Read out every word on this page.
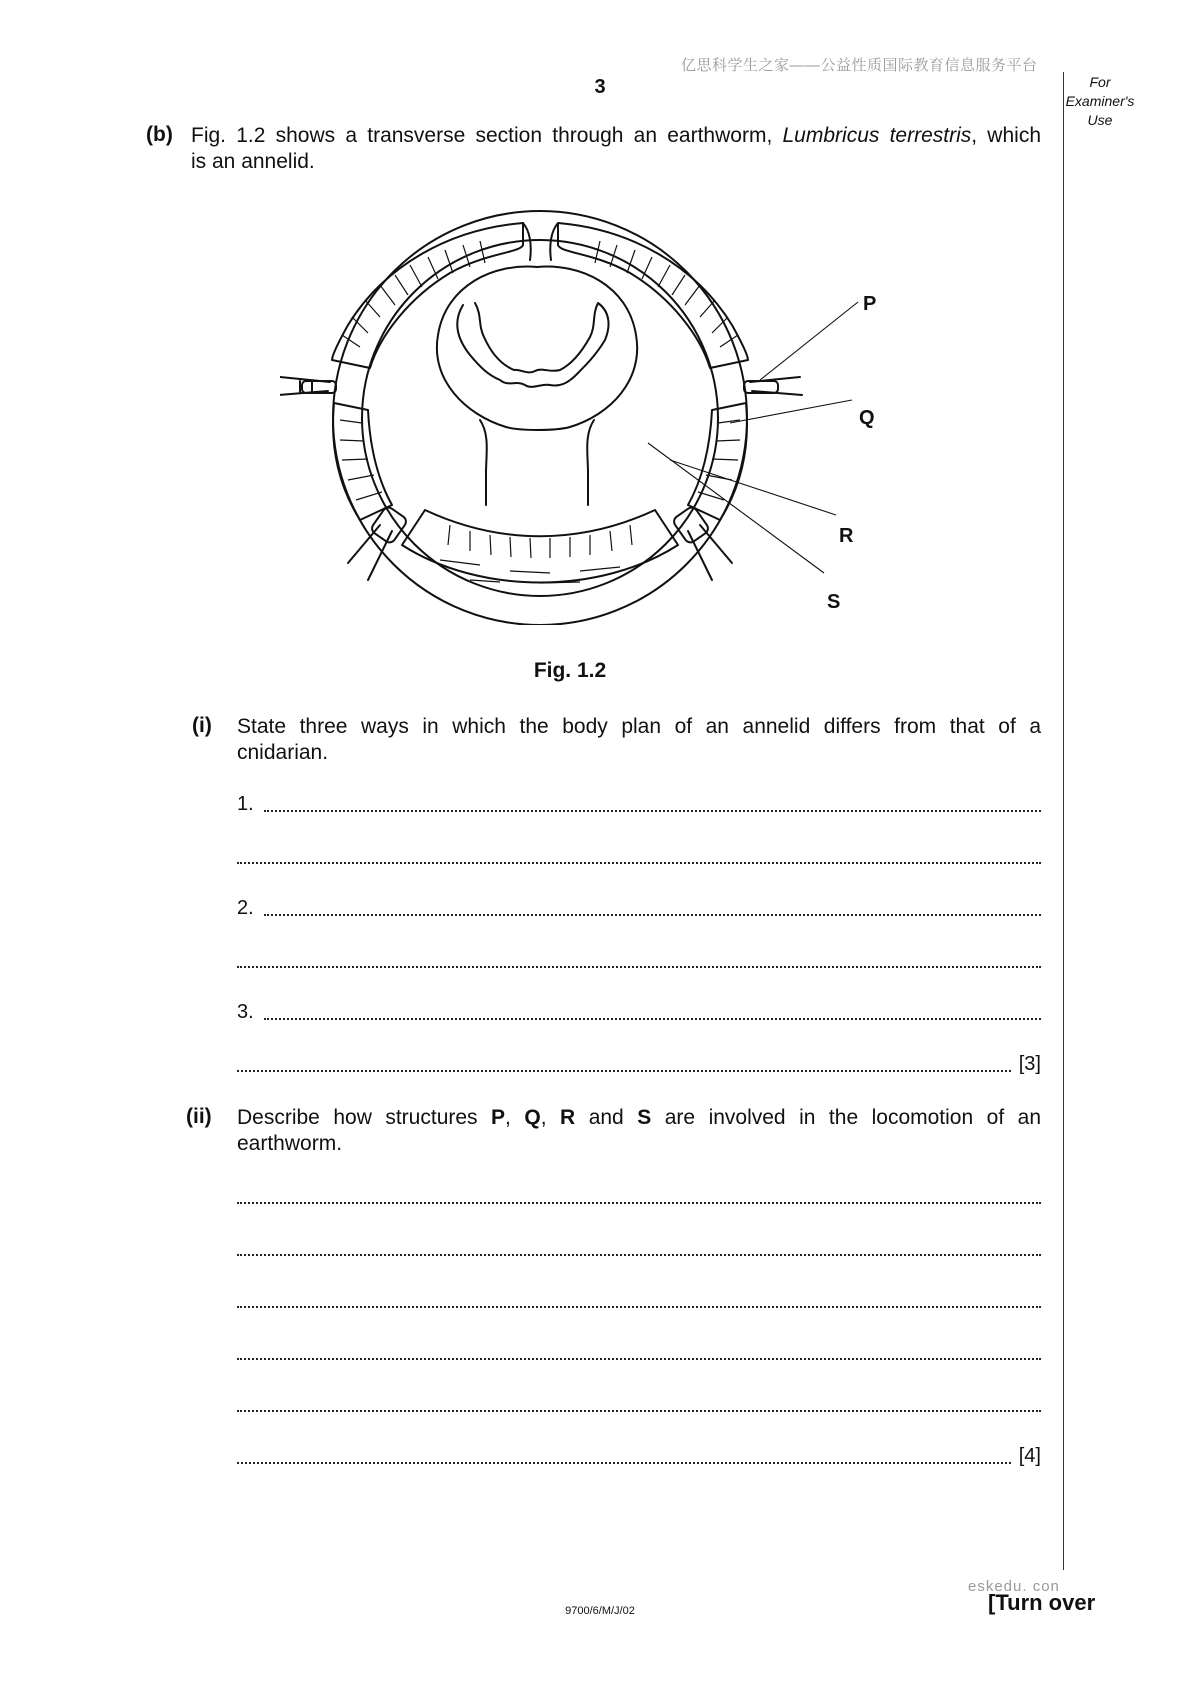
亿思科学生之家——公益性质国际教育信息服务平台
3	For
Examiner's
Use
(b) Fig. 1.2 shows a transverse section through an earthworm, Lumbricus terrestris, which
is an annelid.
P
Q
R
S
Fig. 1.2
(i) State three ways in which the body plan of an annelid differs from that of a
cnidarian.
1.
2.
3.
[3]
(ii) Describe how structures P, Q, R and S are involved in the locomotion of an
earthworm.
[4]
eskedu. con
9700/6/M/J/02	[Turn over
